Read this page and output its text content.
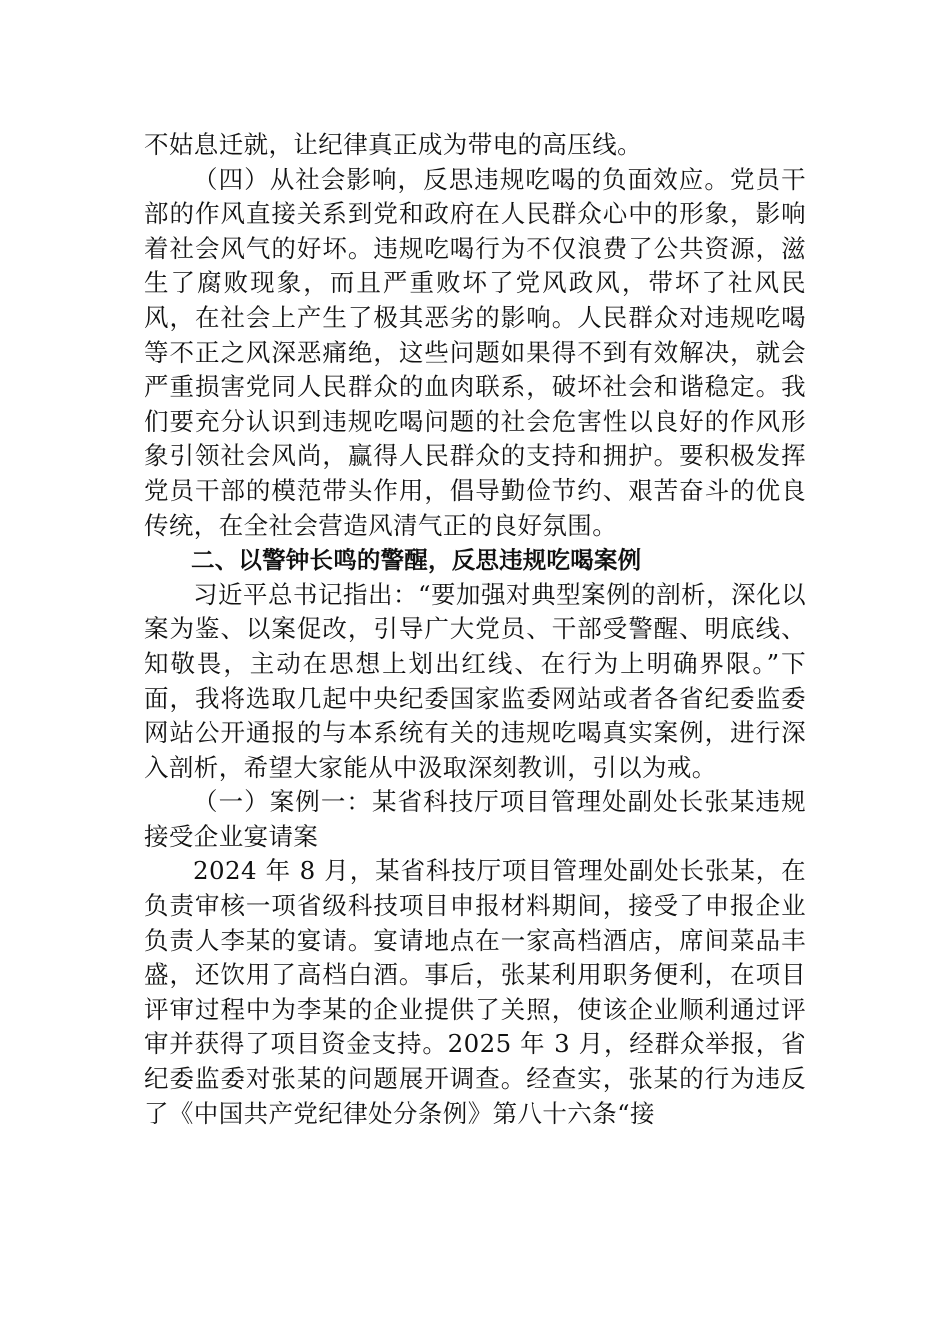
不姑息迁就，让纪律真正成为带电的高压线。

（四）从社会影响，反思违规吃喝的负面效应。党员干部的作风直接关系到党和政府在人民群众心中的形象，影响着社会风气的好坏。违规吃喝行为不仅浪费了公共资源，滋生了腐败现象，而且严重败坏了党风政风，带坏了社风民风，在社会上产生了极其恶劣的影响。人民群众对违规吃喝等不正之风深恶痛绝，这些问题如果得不到有效解决，就会严重损害党同人民群众的血肉联系，破坏社会和谐稳定。我们要充分认识到违规吃喝问题的社会危害性以良好的作风形象引领社会风尚，赢得人民群众的支持和拥护。要积极发挥党员干部的模范带头作用，倡导勤俭节约、艰苦奋斗的优良传统，在全社会营造风清气正的良好氛围。

二、以警钟长鸣的警醒，反思违规吃喝案例

习近平总书记指出：“要加强对典型案例的剖析，深化以案为鉴、以案促改，引导广大党员、干部受警醒、明底线、知敬畏，主动在思想上划出红线、在行为上明确界限。”下面，我将选取几起中央纪委国家监委网站或者各省纪委监委网站公开通报的与本系统有关的违规吃喝真实案例，进行深入剖析，希望大家能从中汲取深刻教训，引以为戒。

（一）案例一：某省科技厅项目管理处副处长张某违规接受企业宴请案

2024 年 8 月，某省科技厅项目管理处副处长张某，在负责审核一项省级科技项目申报材料期间，接受了申报企业负责人李某的宴请。宴请地点在一家高档酒店，席间菜品丰盛，还饮用了高档白酒。事后，张某利用职务便利，在项目评审过程中为李某的企业提供了关照，使该企业顺利通过评审并获得了项目资金支持。2025 年 3 月，经群众举报，省纪委监委对张某的问题展开调查。经查实，张某的行为违反了《中国共产党纪律处分条例》第八十六条“接
